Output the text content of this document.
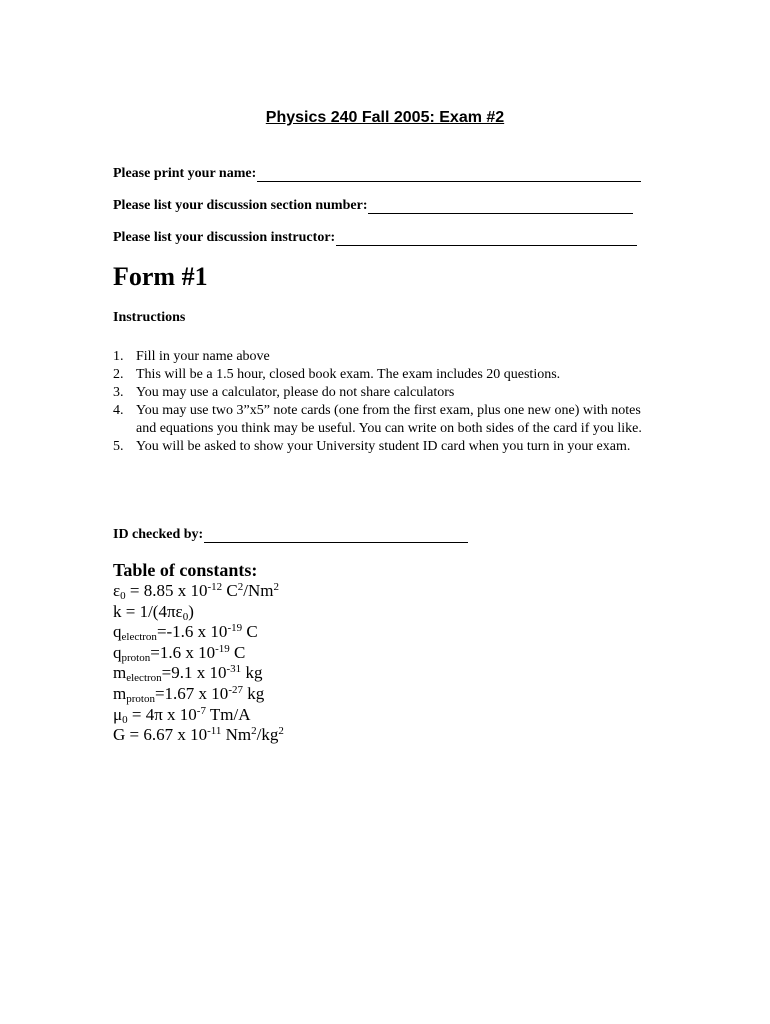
Physics 240 Fall 2005: Exam #2
Please print your name:
Please list your discussion section number:
Please list your discussion instructor:
Form #1
Instructions
1. Fill in your name above
2. This will be a 1.5 hour, closed book exam. The exam includes 20 questions.
3. You may use a calculator, please do not share calculators
4. You may use two 3”x5” note cards (one from the first exam, plus one new one) with notes and equations you think may be useful. You can write on both sides of the card if you like.
5. You will be asked to show your University student ID card when you turn in your exam.
ID checked by:
Table of constants:
$\varepsilon_0 = 8.85$ x $10^{-12}$ $C^2/Nm^2$
$k = 1/(4\pi\varepsilon_0)$
$q_{electron}=-1.6$ x $10^{-19}$ C
$q_{proton}=1.6$ x $10^{-19}$ C
$m_{electron}=9.1$ x $10^{-31}$ kg
$m_{proton}=1.67$ x $10^{-27}$ kg
$\mu_0 = 4\pi$ x $10^{-7}$ Tm/A
G = 6.67 x $10^{-11}$ $Nm^2/kg^2$
